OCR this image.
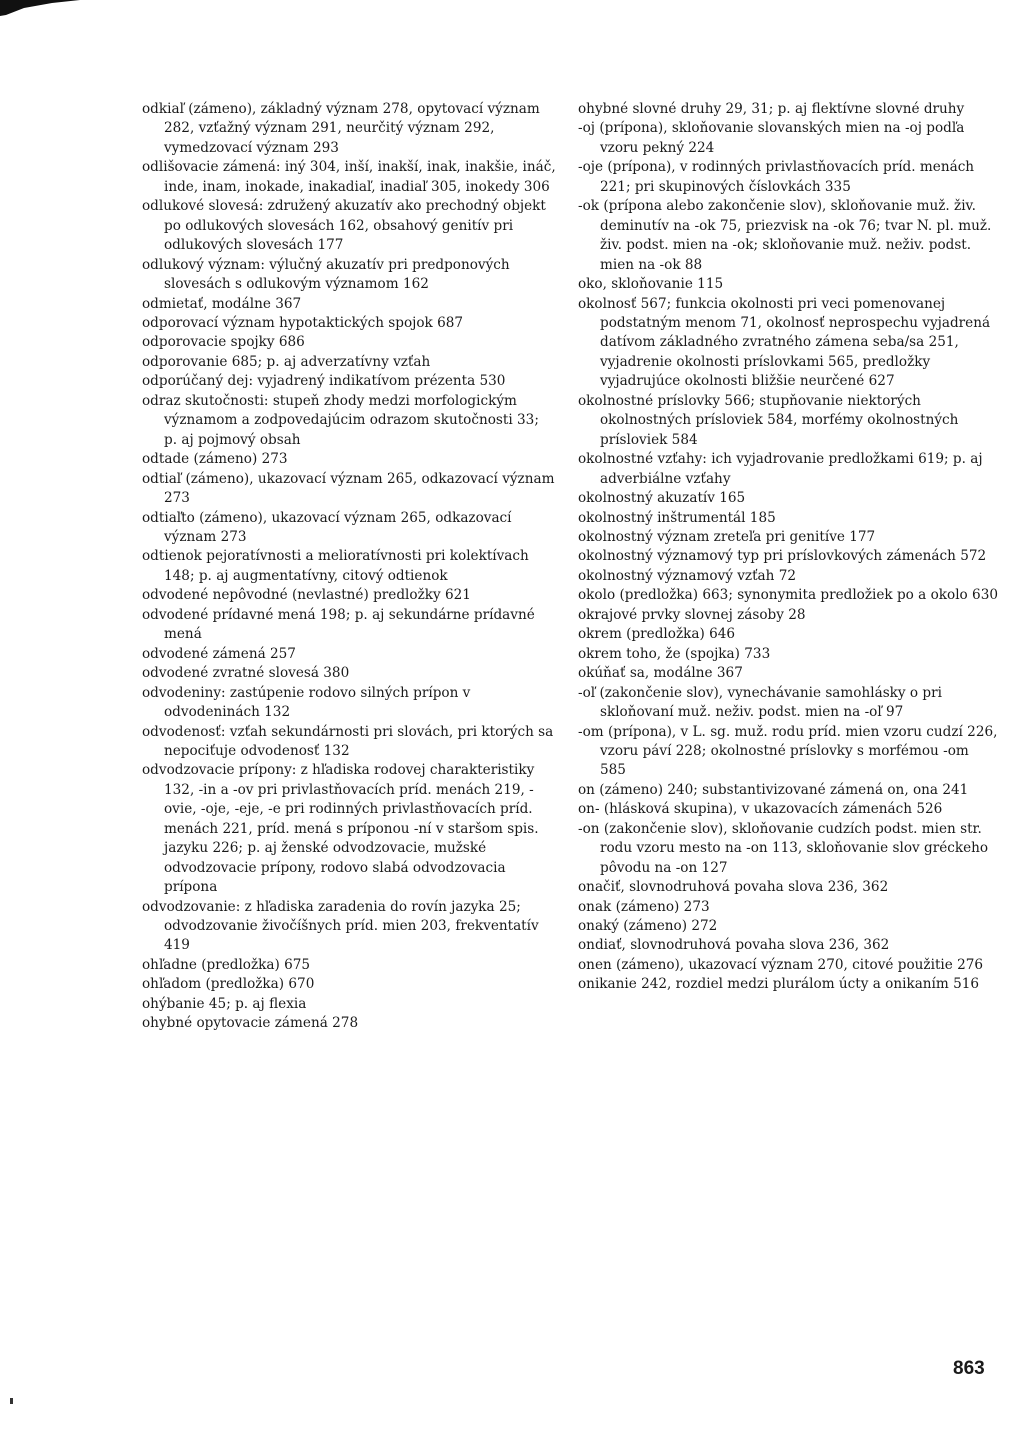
odkiaľ (zámeno), základný význam 278, opytovací význam 282, vzťažný význam 291, neurčitý význam 292, vymedzovací význam 293

odlišovacie zámená: iný 304, inší, inakší, inak, inakšie, ináč, inde, inam, inokade, inakadiaľ, inadiaľ 305, inokedy 306

odlukové slovesá: združený akuzatív ako prechodný objekt po odlukových slovesách 162, obsahový genitív pri odlukových slovesách 177

odlukový význam: výlučný akuzatív pri predponových slovesách s odlukovým významom 162

odmietať, modálne 367

odporovací význam hypotaktických spojok 687

odporovacie spojky 686

odporovanie 685; p. aj adverzatívny vzťah

odporúčaný dej: vyjadrený indikatívom prézenta 530

odraz skutočnosti: stupeň zhody medzi morfologickým významom a zodpovedajúcim odrazom skutočnosti 33; p. aj pojmový obsah

odtade (zámeno) 273

odtiaľ (zámeno), ukazovací význam 265, odkazovací význam 273

odtiaľto (zámeno), ukazovací význam 265, odkazovací význam 273

odtienok pejoratívnosti a melioratívnosti pri kolektívach 148; p. aj augmentatívny, citový odtienok

odvodené nepôvodné (nevlastné) predložky 621

odvodené prídavné mená 198; p. aj sekundárne prídavné mená

odvodené zámená 257

odvodené zvratné slovesá 380

odvodeniny: zastúpenie rodovo silných prípon v odvodeninách 132

odvodenosť: vzťah sekundárnosti pri slovách, pri ktorých sa nepociťuje odvodenosť 132

odvodzovacie prípony: z hľadiska rodovej charakteristiky 132, -in a -ov pri privlastňovacích príd. menách 219, -ovie, -oje, -eje, -e pri rodinných privlastňovacích príd. menách 221, príd. mená s príponou -ní v staršom spis. jazyku 226; p. aj ženské odvodzovacie, mužské odvodzovacie prípony, rodovo slabá odvodzovacia prípona

odvodzovanie: z hľadiska zaradenia do rovín jazyka 25; odvodzovanie živočíšnych príd. mien 203, frekventatív 419

ohľadne (predložka) 675

ohľadom (predložka) 670

ohýbanie 45; p. aj flexia

ohybné opytovacie zámená 278

ohybné slovné druhy 29, 31; p. aj flektívne slovné druhy

-oj (prípona), skloňovanie slovanských mien na -oj podľa vzoru pekný 224

-oje (prípona), v rodinných privlastňovacích príd. menách 221; pri skupinových číslovkách 335

-ok (prípona alebo zakončenie slov), skloňovanie muž. živ. deminutív na -ok 75, priezvisk na -ok 76; tvar N. pl. muž. živ. podst. mien na -ok; skloňovanie muž. neživ. podst. mien na -ok 88

oko, skloňovanie 115

okolnosť 567; funkcia okolnosti pri veci pomenovanej podstatným menom 71, okolnosť neprospechu vyjadrená datívom základného zvratného zámena seba/sa 251, vyjadrenie okolnosti príslovkami 565, predložky vyjadrujúce okolnosti bližšie neurčené 627

okolnostné príslovky 566; stupňovanie niektorých okolnostných prísloviek 584, morfémy okolnostných prísloviek 584

okolnostné vzťahy: ich vyjadrovanie predložkami 619; p. aj adverbiálne vzťahy

okolnostný akuzatív 165

okolnostný inštrumentál 185

okolnostný význam zreteľa pri genitíve 177

okolnostný významový typ pri príslovkových zámenách 572

okolnostný významový vzťah 72

okolo (predložka) 663; synonymita predložiek po a okolo 630

okrajové prvky slovnej zásoby 28

okrem (predložka) 646

okrem toho, že (spojka) 733

okúňať sa, modálne 367

-oľ (zakončenie slov), vynechávanie samohlásky o pri skloňovaní muž. neživ. podst. mien na -oľ 97

-om (prípona), v L. sg. muž. rodu príd. mien vzoru cudzí 226, vzoru páví 228; okolnostné príslovky s morfémou -om 585

on (zámeno) 240; substantivizované zámená on, ona 241

on- (hlásková skupina), v ukazovacích zámenách 526

-on (zakončenie slov), skloňovanie cudzích podst. mien str. rodu vzoru mesto na -on 113, skloňovanie slov gréckeho pôvodu na -on 127

onačiť, slovnodruhová povaha slova 236, 362

onak (zámeno) 273

onaký (zámeno) 272

ondiať, slovnodruhová povaha slova 236, 362

onen (zámeno), ukazovací význam 270, citové použitie 276

onikanie 242, rozdiel medzi plurálom úcty a onikaním 516

863
